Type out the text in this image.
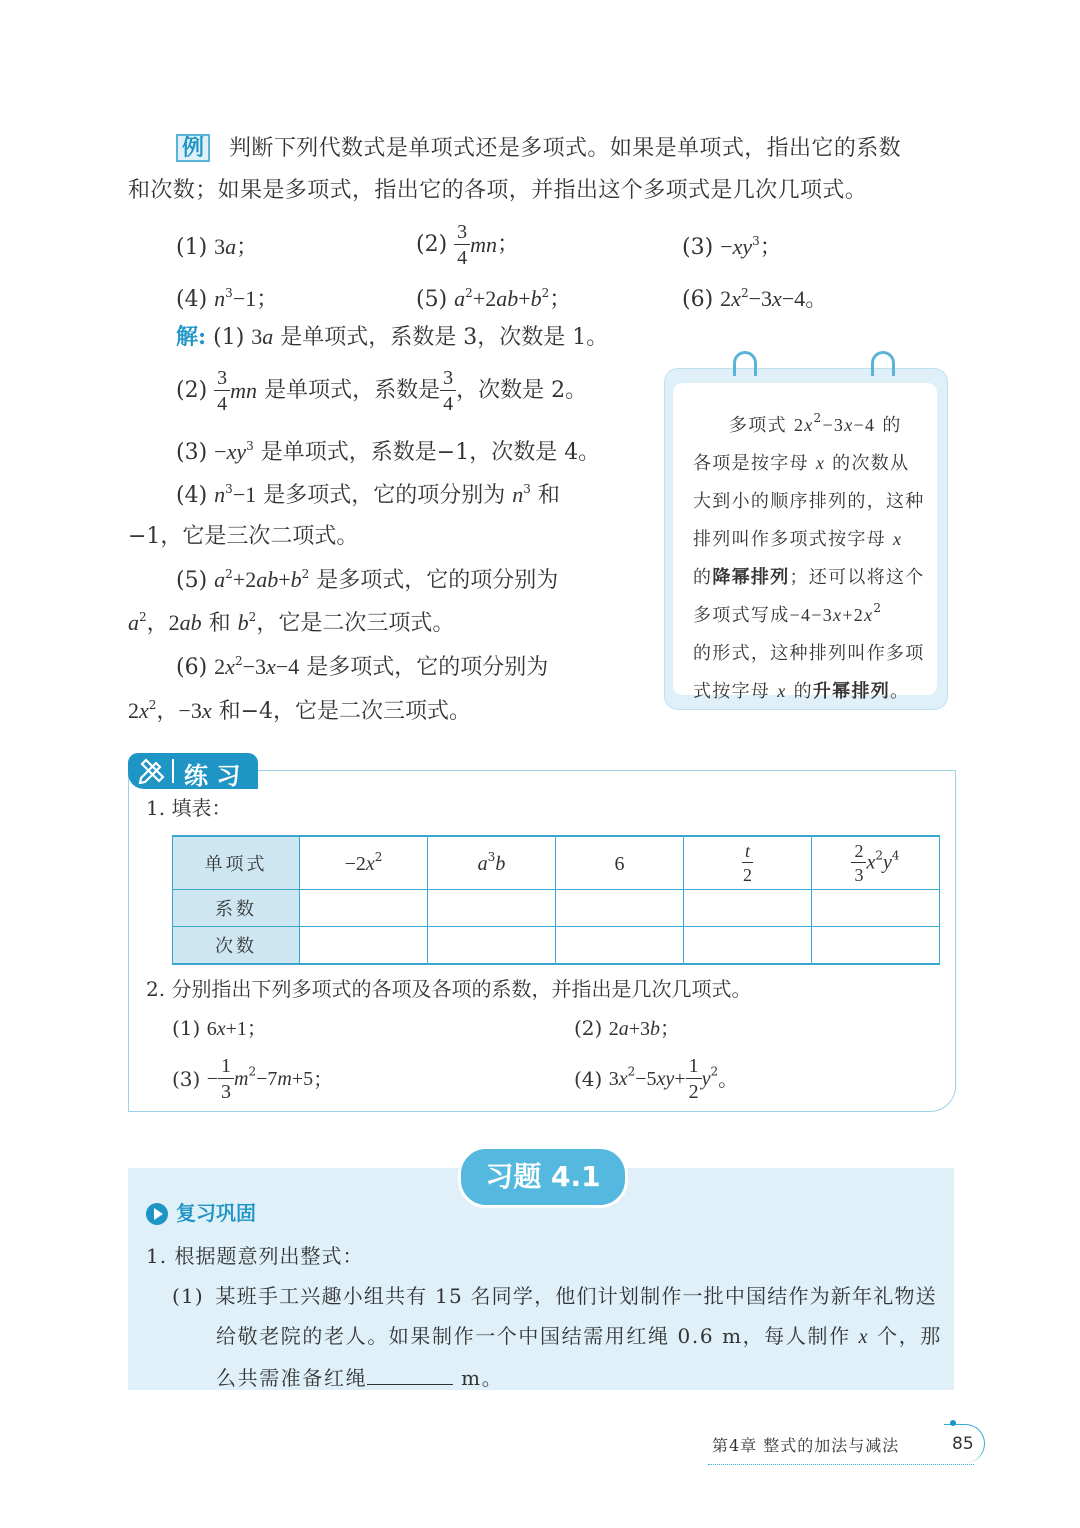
例 判断下列代数式是单项式还是多项式。如果是单项式，指出它的系数
和次数；如果是多项式，指出它的各项，并指出这个多项式是几次几项式。
(1) 3a；	$(2) \frac{3}{4}$ mn；	$(3) -xy^3$；
(4) $n^3-1$；	(5) $a^2+2ab+b^2$；	(6) $2x^2-3x-4$。
解: (1) 3a 是单项式，系数是 3，次数是 1。
$(2) \frac{3}{4}$ mn 是单项式，系数是 $\frac{3}{4}$ ，次数是 2。
$(3) -xy^3$ 是单项式，系数是−1，次数是 4。
(4) $n^3-1$ 是多项式，它的项分别为 $n^3$ 和
−1，它是三次二项式。
(5) $a^2+2ab+b^2$ 是多项式，它的项分别为
$a^2$，2ab 和 $b^2$，它是二次三项式。
(6) $2x^2-3x-4$ 是多项式，它的项分别为
$2x^2$，−3x 和−4，它是二次三项式。
多项式 $2x^2-3x-4$ 的
各项是按字母 x 的次数从
大到小的顺序排列的，这种
排列叫作多项式按字母 x
的降幂排列；还可以将这个
多项式写成$-4-3x+2x^2$
的形式，这种排列叫作多项
式按字母 x 的升幂排列。
练 习
1. 填表：
单项式	$-2x^2$	$a^3b$	6	$\frac{t}{2}$	$\frac{2}{3} x^2y^4$
系数					
次数					
2. 分别指出下列多项式的各项及各项的系数，并指出是几次几项式。
(1) 6x+1；	(2) 2a+3b；
$(3) - \frac{1}{3} m^2-7m+5$；	(4) $3x^2-5xy+ \frac{1}{2} y^2$。
习题 4.1
复习巩固
1. 根据题意列出整式：
(1) 某班手工兴趣小组共有 15 名同学，他们计划制作一批中国结作为新年礼物送
给敬老院的老人。如果制作一个中国结需用红绳 0.6 m，每人制作 x 个，那
么共需准备红绳	m。
第4章 整式的加法与减法	85
